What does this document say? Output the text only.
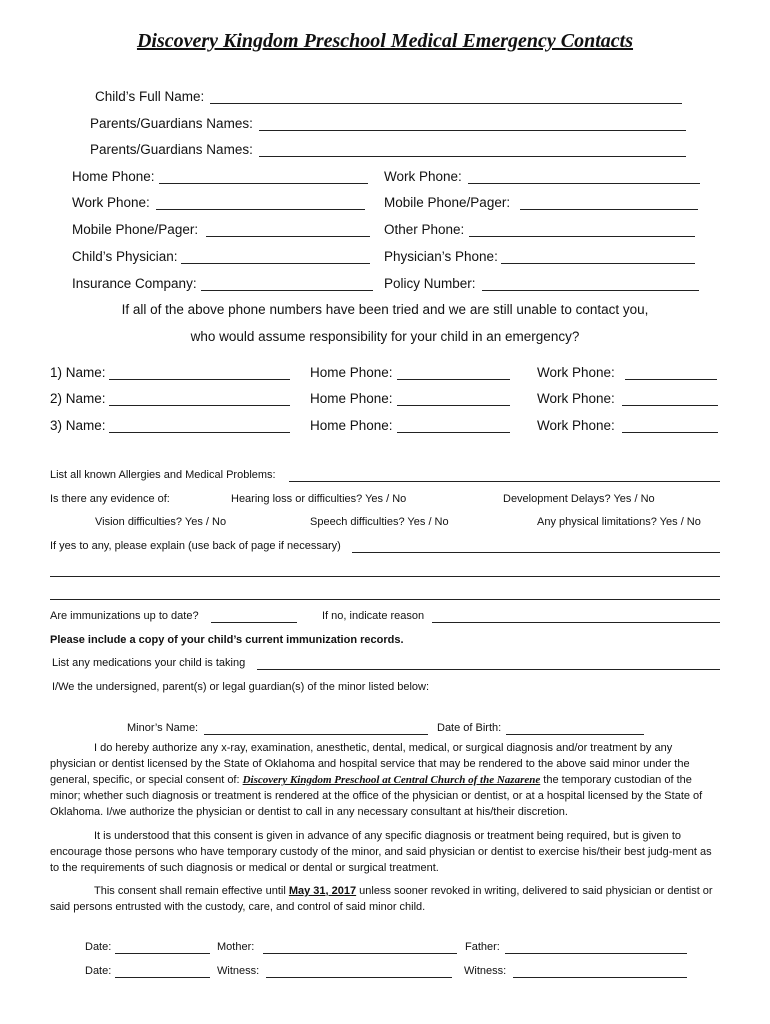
Discovery Kingdom Preschool Medical Emergency Contacts
Child’s Full Name:
Parents/Guardians Names:
Parents/Guardians Names:
Home Phone:	Work Phone:
Work Phone:	Mobile Phone/Pager:
Mobile Phone/Pager:	Other Phone:
Child’s Physician:	Physician’s Phone:
Insurance Company:	Policy Number:
If all of the above phone numbers have been tried and we are still unable to contact you,
who would assume responsibility for your child in an emergency?
1) Name:	Home Phone:	Work Phone:
2) Name:	Home Phone:	Work Phone:
3) Name:	Home Phone:	Work Phone:
List all known Allergies and Medical Problems:
Is there any evidence of:	Hearing loss or difficulties? Yes / No	Development Delays? Yes / No
Vision difficulties? Yes / No	Speech difficulties? Yes / No	Any physical limitations? Yes / No
If yes to any, please explain (use back of page if necessary)
Are immunizations up to date?	If no, indicate reason
Please include a copy of your child’s current immunization records.
List any medications your child is taking
I/We the undersigned, parent(s) or legal guardian(s) of the minor listed below:
Minor’s Name:	Date of Birth:

I do hereby authorize any x-ray, examination, anesthetic, dental, medical, or surgical diagnosis and/or treatment by any physician or dentist licensed by the State of Oklahoma and hospital service that may be rendered to the above said minor under the general, specific, or special consent of: Discovery Kingdom Preschool at Central Church of the Nazarene the temporary custodian of the minor; whether such diagnosis or treatment is rendered at the office of the physician or dentist, or at a hospital licensed by the State of Oklahoma. I/we authorize the physician or dentist to call in any necessary consultant at his/their discretion.

It is understood that this consent is given in advance of any specific diagnosis or treatment being required, but is given to encourage those persons who have temporary custody of the minor, and said physician or dentist to exercise his/their best judg-ment as to the requirements of such diagnosis or medical or dental or surgical treatment.

This consent shall remain effective until May 31, 2017 unless sooner revoked in writing, delivered to said physician or dentist or said persons entrusted with the custody, care, and control of said minor child.

Date:	Mother:	Father:
Date:	Witness:	Witness:
